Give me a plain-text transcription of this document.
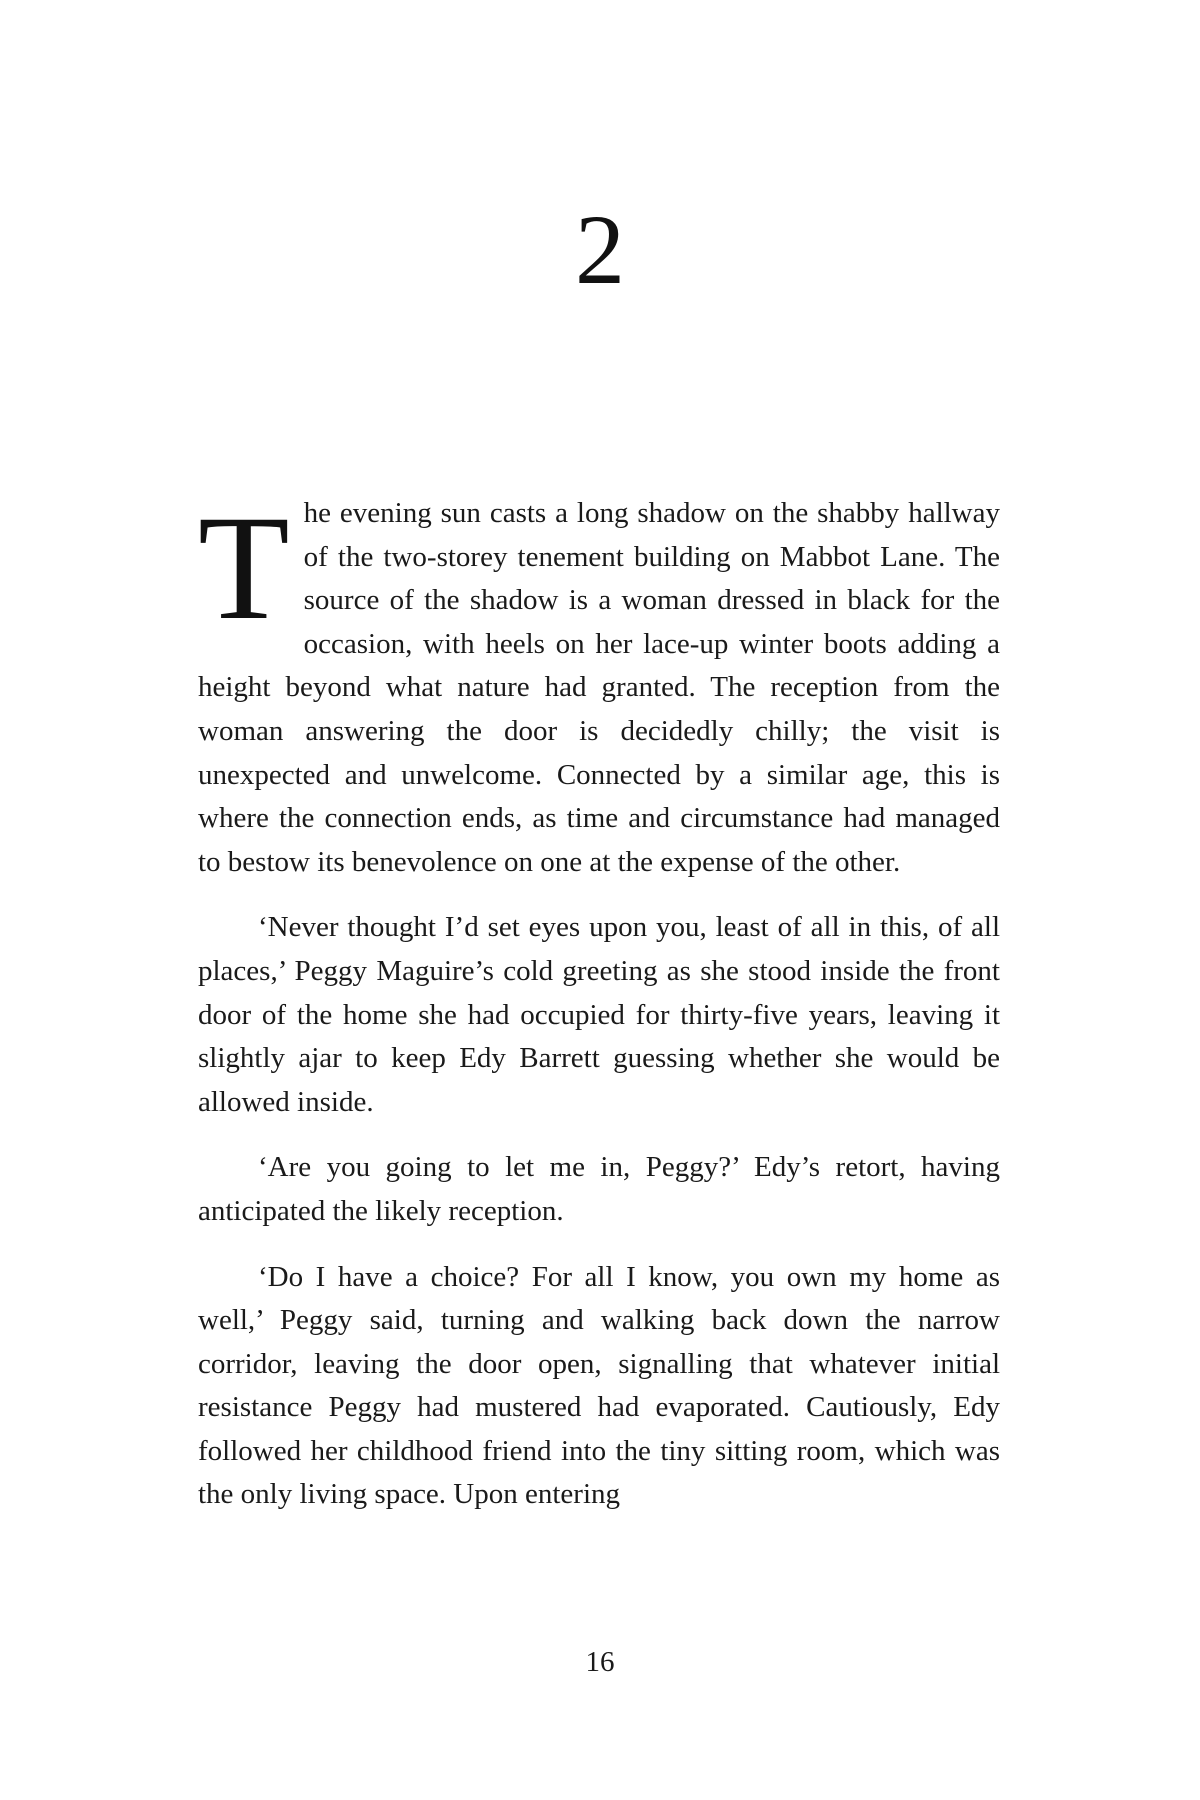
2

The evening sun casts a long shadow on the shabby hallway of the two-storey tenement building on Mabbot Lane. The source of the shadow is a woman dressed in black for the occasion, with heels on her lace-up winter boots adding a height beyond what nature had granted. The reception from the woman answering the door is decidedly chilly; the visit is unexpected and unwelcome. Connected by a similar age, this is where the connection ends, as time and circumstance had managed to bestow its benevolence on one at the expense of the other.

‘Never thought I’d set eyes upon you, least of all in this, of all places,’ Peggy Maguire’s cold greeting as she stood inside the front door of the home she had occupied for thirty-five years, leaving it slightly ajar to keep Edy Barrett guessing whether she would be allowed inside.

‘Are you going to let me in, Peggy?’ Edy’s retort, having anticipated the likely reception.

‘Do I have a choice? For all I know, you own my home as well,’ Peggy said, turning and walking back down the narrow corridor, leaving the door open, signalling that whatever initial resistance Peggy had mustered had evaporated. Cautiously, Edy followed her childhood friend into the tiny sitting room, which was the only living space. Upon entering

16
